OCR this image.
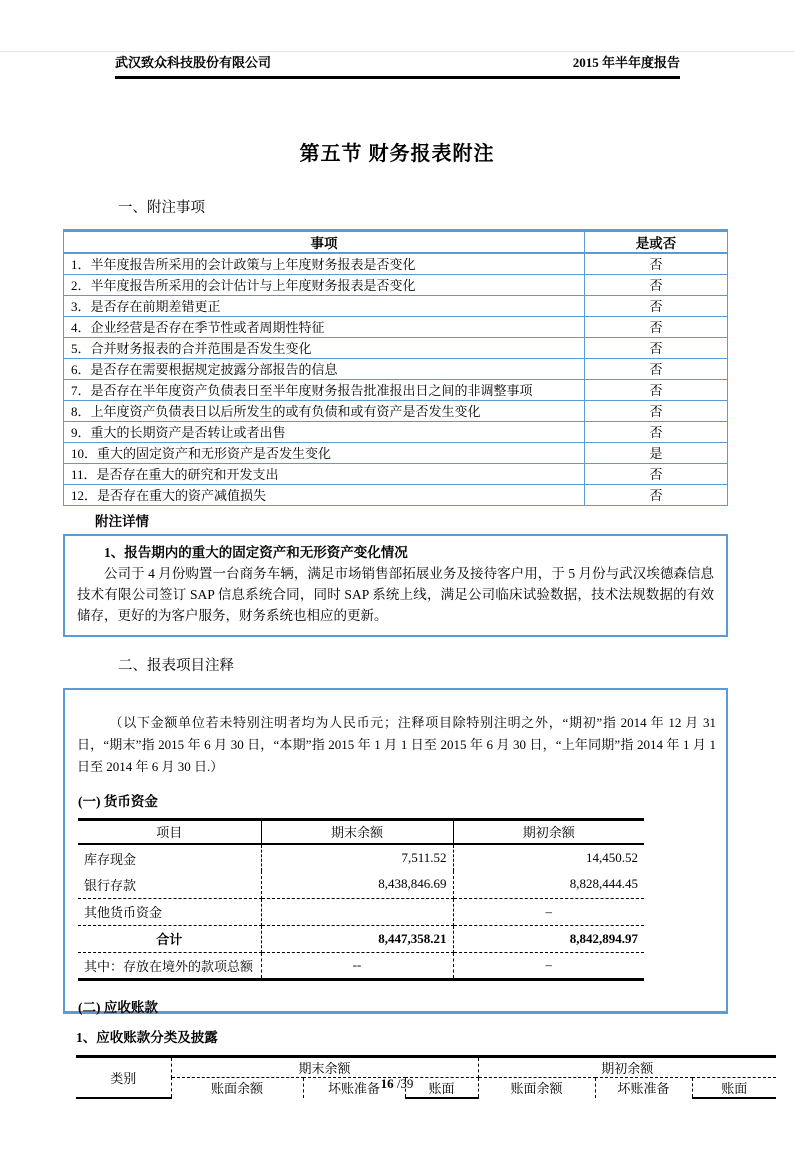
武汉致众科技股份有限公司	2015 年半年度报告
第五节 财务报表附注
一、附注事项
事项	是或否
1．半年度报告所采用的会计政策与上年度财务报表是否变化	否
2．半年度报告所采用的会计估计与上年度财务报表是否变化	否
3．是否存在前期差错更正	否
4．企业经营是否存在季节性或者周期性特征	否
5．合并财务报表的合并范围是否发生变化	否
6．是否存在需要根据规定披露分部报告的信息	否
7．是否存在半年度资产负债表日至半年度财务报告批准报出日之间的非调整事项	否
8．上年度资产负债表日以后所发生的或有负债和或有资产是否发生变化	否
9．重大的长期资产是否转让或者出售	否
10．重大的固定资产和无形资产是否发生变化	是
11．是否存在重大的研究和开发支出	否
12．是否存在重大的资产减值损失	否
附注详情
1、报告期内的重大的固定资产和无形资产变化情况
公司于 4 月份购置一台商务车辆，满足市场销售部拓展业务及接待客户用，于 5 月份与武汉埃德森信息技术有限公司签订 SAP 信息系统合同，同时 SAP 系统上线，满足公司临床试验数据，技术法规数据的有效储存，更好的为客户服务，财务系统也相应的更新。
二、报表项目注释
（以下金额单位若未特别注明者均为人民币元；注释项目除特别注明之外，“期初”指 2014 年 12 月 31 日，“期末”指 2015 年 6 月 30 日，“本期”指 2015 年 1 月 1 日至 2015 年 6 月 30 日，“上年同期”指 2014 年 1 月 1 日至 2014 年 6 月 30 日.）
(一) 货币资金
项目	期末余额	期初余额
库存现金	7,511.52	14,450.52
银行存款	8,438,846.69	8,828,444.45
其他货币资金		–
合计	8,447,358.21	8,842,894.97
其中：存放在境外的款项总额	--	–
(二) 应收账款
1、应收账款分类及披露
类别	期末余额			期初余额		
	账面余额	坏账准备	账面	账面余额	坏账准备	账面
16 /39
